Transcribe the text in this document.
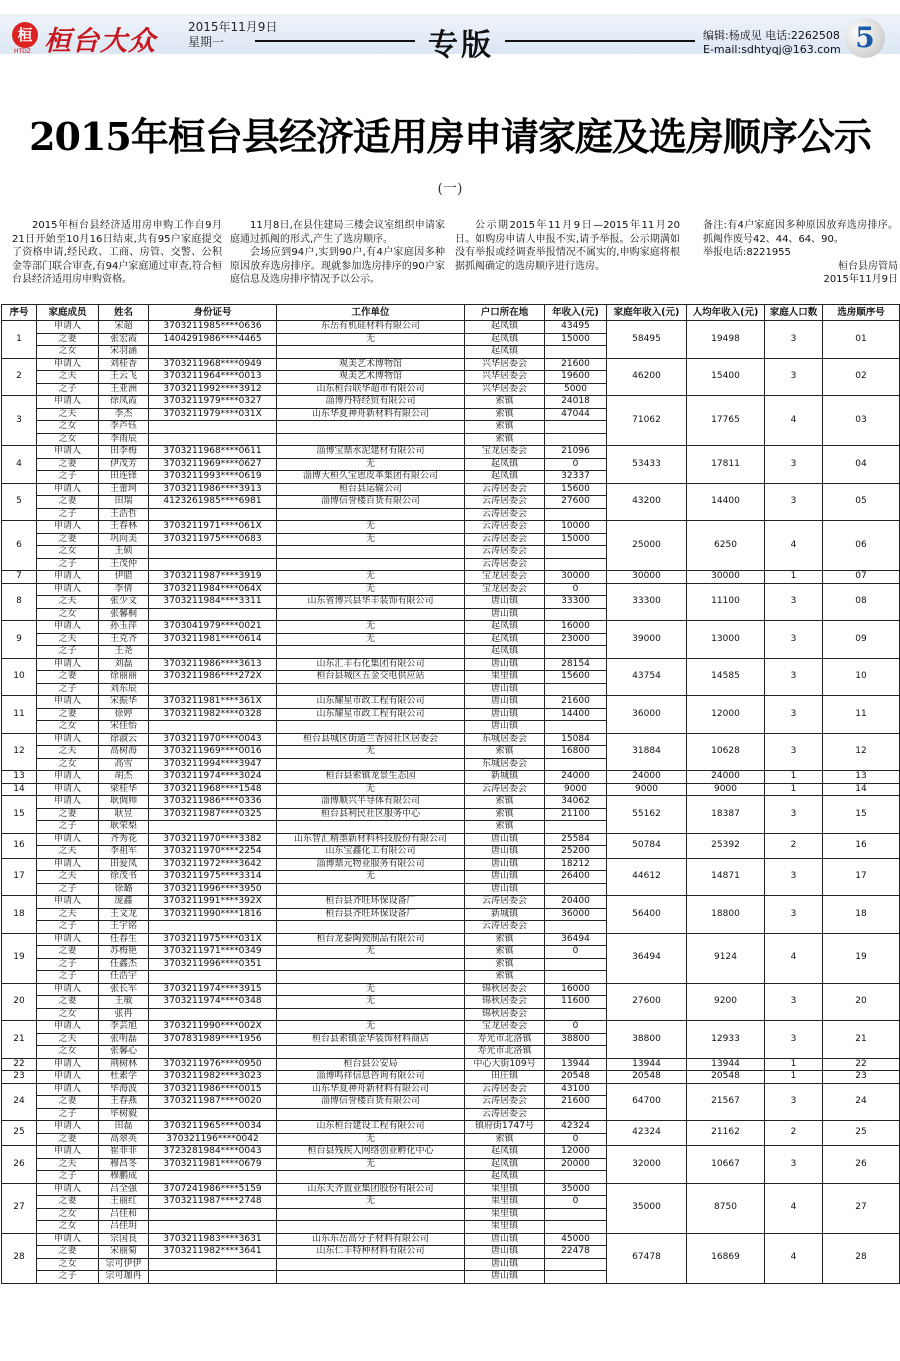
桓
HTDZ 桓台大众	2015年11月9日
星期一	专版	编辑:杨成见 电话:2262508
E-mail:sdhtyqj@163.com 5
2015年桓台县经济适用房申请家庭及选房顺序公示
(一)
2015年桓台县经济适用房申购工作自9月21日开始至10月16日结束,共有95户家庭提交了资格申请,经民政、工商、房管、交警、公积金等部门联合审查,有94户家庭通过审查,符合桓台县经济适用房申购资格。
11月8日,在县住建局三楼会议室组织申请家庭通过抓阄的形式,产生了选房顺序。
会场应到94户,实到90户,有4户家庭因多种原因放弃选房排序。现就参加选房排序的90户家庭信息及选房排序情况予以公示。
公示期2015年11月9日—2015年11月20日。如购房申请人申报不实,请予举报。公示期满如没有举报或经调查举报情况不属实的,申购家庭将根据抓阄确定的选房顺序进行选房。
备注:有4户家庭因多种原因放弃选房排序。抓阄作废号42、44、64、90。
举报电话:8221955
桓台县房管局
2015年11月9日
序号	家庭成员	姓名	身份证号	工作单位	户口所在地	年收入(元)	家庭年收入(元)	人均年收入(元)	家庭人口数	选房顺序号
1	申请人	宋超	3703211985****0636	东岳有机硅材料有限公司	起凤镇	43495	58495	19498	3	01
	之妻	张宏霞	1404291986****4465	无	起凤镇	15000				
	之女	宋羽涵			起凤镇					
2	申请人	刘桂香	3703211968****0949	观美艺术博物馆	兴华居委会	21600	46200	15400	3	02
	之夫	王云飞	3703211964****0013	观美艺术博物馆	兴华居委会	19600				
	之子	王亚洲	3703211992****3912	山东桓台联华超市有限公司	兴华居委会	5000				
3	申请人	徐凤霞	3703211979****0327	淄博丹特经贸有限公司	索镇	24018	71062	17765	4	03
	之夫	李杰	3703211979****031X	山东华夏神舟新材料有限公司	索镇	47044				
	之女	李芦钰			索镇					
	之女	李雨辰			索镇					
4	申请人	田李梅	3703211968****0611	淄博宝鼎水泥建材有限公司	宝龙居委会	21096	53433	17811	3	04
	之妻	伊茂芳	3703211969****0627	无	起凤镇	0				
	之子	田连锋	3703211993****0619	淄博大桓久宝恩皮革集团有限公司	起凤镇	32337				
5	申请人	王蕾珂	3703211986****3913	桓台县运输公司	云涛居委会	15600	43200	14400	3	05
	之妻	田瑞	4123261985****6981	淄博信誉楼百货有限公司	云涛居委会	27600				
	之子	王浩哲			云涛居委会					
6	申请人	王春林	3703211971****061X	无	云涛居委会	10000	25000	6250	4	06
	之妻	巩向美	3703211975****0683	无	云涛居委会	15000				
	之女	王硕			云涛居委会					
	之子	王茂仲			云涛居委会					
7	申请人	伊腊	3703211987****3919	无	宝龙居委会	30000	30000	30000	1	07
8	申请人	李倩	3703211984****064X	无	宝龙居委会	0	33300	11100	3	08
	之夫	张少文	3703211984****3311	山东省博兴县华丰装饰有限公司	唐山镇	33300				
	之女	张馨桐			唐山镇					
9	申请人	孙玉萍	3703041979****0021	无	起凤镇	16000	39000	13000	3	09
	之夫	王克齐	3703211981****0614	无	起凤镇	23000				
	之子	王尧			起凤镇					
10	申请人	刘磊	3703211986****3613	山东汇丰石化集团有限公司	唐山镇	28154	43754	14585	3	10
	之妻	徐丽丽	3703211986****272X	桓台县城区五金交电供应站	果里镇	15600				
	之子	刘东辰			唐山镇					
11	申请人	宋振华	3703211981****361X	山东耀星市政工程有限公司	唐山镇	21600	36000	12000	3	11
	之妻	徐婷	3703211982****0328	山东耀星市政工程有限公司	唐山镇	14400				
	之女	宋佳怡			唐山镇					
12	申请人	徐淑云	3703211970****0043	桓台县城区街道兰香园社区居委会	东城居委会	15084	31884	10628	3	12
	之夫	高树海	3703211969****0016	无	索镇	16800				
	之女	高雪	3703211994****3947		东城居委会					
13	申请人	胡杰	3703211974****3024	桓台县索镇龙景生态园	新城镇	24000	24000	24000	1	13
14	申请人	梁桂华	3703211968****1548	无	云涛居委会	9000	9000	9000	1	14
15	申请人	耿倜帅	3703211986****0336	淄博顺兴半导体有限公司	索镇	34062	55162	18387	3	15
	之妻	耿昱	3703211987****0325	桓台县利民社区服务中心	索镇	21100				
	之子	耿荣梨			索镇					
16	申请人	齐秀花	3703211970****3382	山东智汇精墨新材料科技股份有限公司	唐山镇	25584	50784	25392	2	16
	之夫	李祖军	3703211970****2254	山东宝鑫化工有限公司	唐山镇	25200				
17	申请人	田爱凤	3703211972****3642	淄博鼎元物业服务有限公司	唐山镇	18212	44612	14871	3	17
	之夫	徐茂书	3703211975****3314	无	唐山镇	26400				
	之子	徐璐	3703211996****3950		唐山镇					
18	申请人	庞鑫	3703211991****392X	桓台县齐旺环保设备厂	云涛居委会	20400	56400	18800	3	18
	之夫	王文龙	3703211990****1816	桓台县齐旺环保设备厂	新城镇	36000				
	之子	王宇铭			云涛居委会					
19	申请人	任春生	3703211975****031X	桓台龙泰陶瓷制品有限公司	索镇	36494	36494	9124	4	19
	之妻	苏梅艳	3703211971****0349	无	索镇	0				
	之子	任鑫杰	3703211996****0351		索镇					
	之子	任浩宇			索镇					
20	申请人	张长军	3703211974****3915	无	锦秋居委会	16000	27600	9200	3	20
	之妻	王敏	3703211974****0348	无	锦秋居委会	11600				
	之女	张冉			锦秋居委会					
21	申请人	李芸旭	3703211990****002X	无	宝龙居委会	0	38800	12933	3	21
	之夫	张明磊	3707831989****1956	桓台县索镇金华装饰材料商店	寿光市北洛镇	38800				
	之女	张馨心			寿光市北洛镇					
22	申请人	荆树林	3703211976****0950	桓台县公安局	中心大街109号	13944	13944	13944	1	22
23	申请人	杜素学	3703211982****3023	淄博鸣祥信息咨询有限公司	田庄镇	20548	20548	20548	1	23
24	申请人	毕海波	3703211986****0015	山东华夏神舟新材料有限公司	云涛居委会	43100	64700	21567	3	24
	之妻	王春燕	3703211987****0020	淄博信誉楼百货有限公司	云涛居委会	21600				
	之子	毕树毅			云涛居委会					
25	申请人	田磊	3703211965****0034	山东桓台建设工程有限公司	镇府街1747号	42324	42324	21162	2	25
	之妻	高翠英	370321196****0042	无	索镇	0				
26	申请人	崔菲菲	3723281984****0043	桓台县残疾人网络创业孵化中心	起凤镇	12000	32000	10667	3	26
	之夫	穆昌冬	3703211981****0679	无	起凤镇	20000				
	之子	穆鹏成			起凤镇					
27	申请人	吕全强	3707241986****5159	山东天齐置业集团股份有限公司	果里镇	35000	35000	8750	4	27
	之妻	王丽红	3703211987****2748	无	果里镇	0				
	之女	吕佳和			果里镇					
	之女	吕佳玥			果里镇					
28	申请人	宗国良	3703211983****3631	山东东岳高分子材料有限公司	唐山镇	45000	67478	16869	4	28
	之妻	宋丽菊	3703211982****3641	山东仁丰特种材料有限公司	唐山镇	22478				
	之女	宗可伊伊			唐山镇					
	之子	宗可珈冉			唐山镇					
